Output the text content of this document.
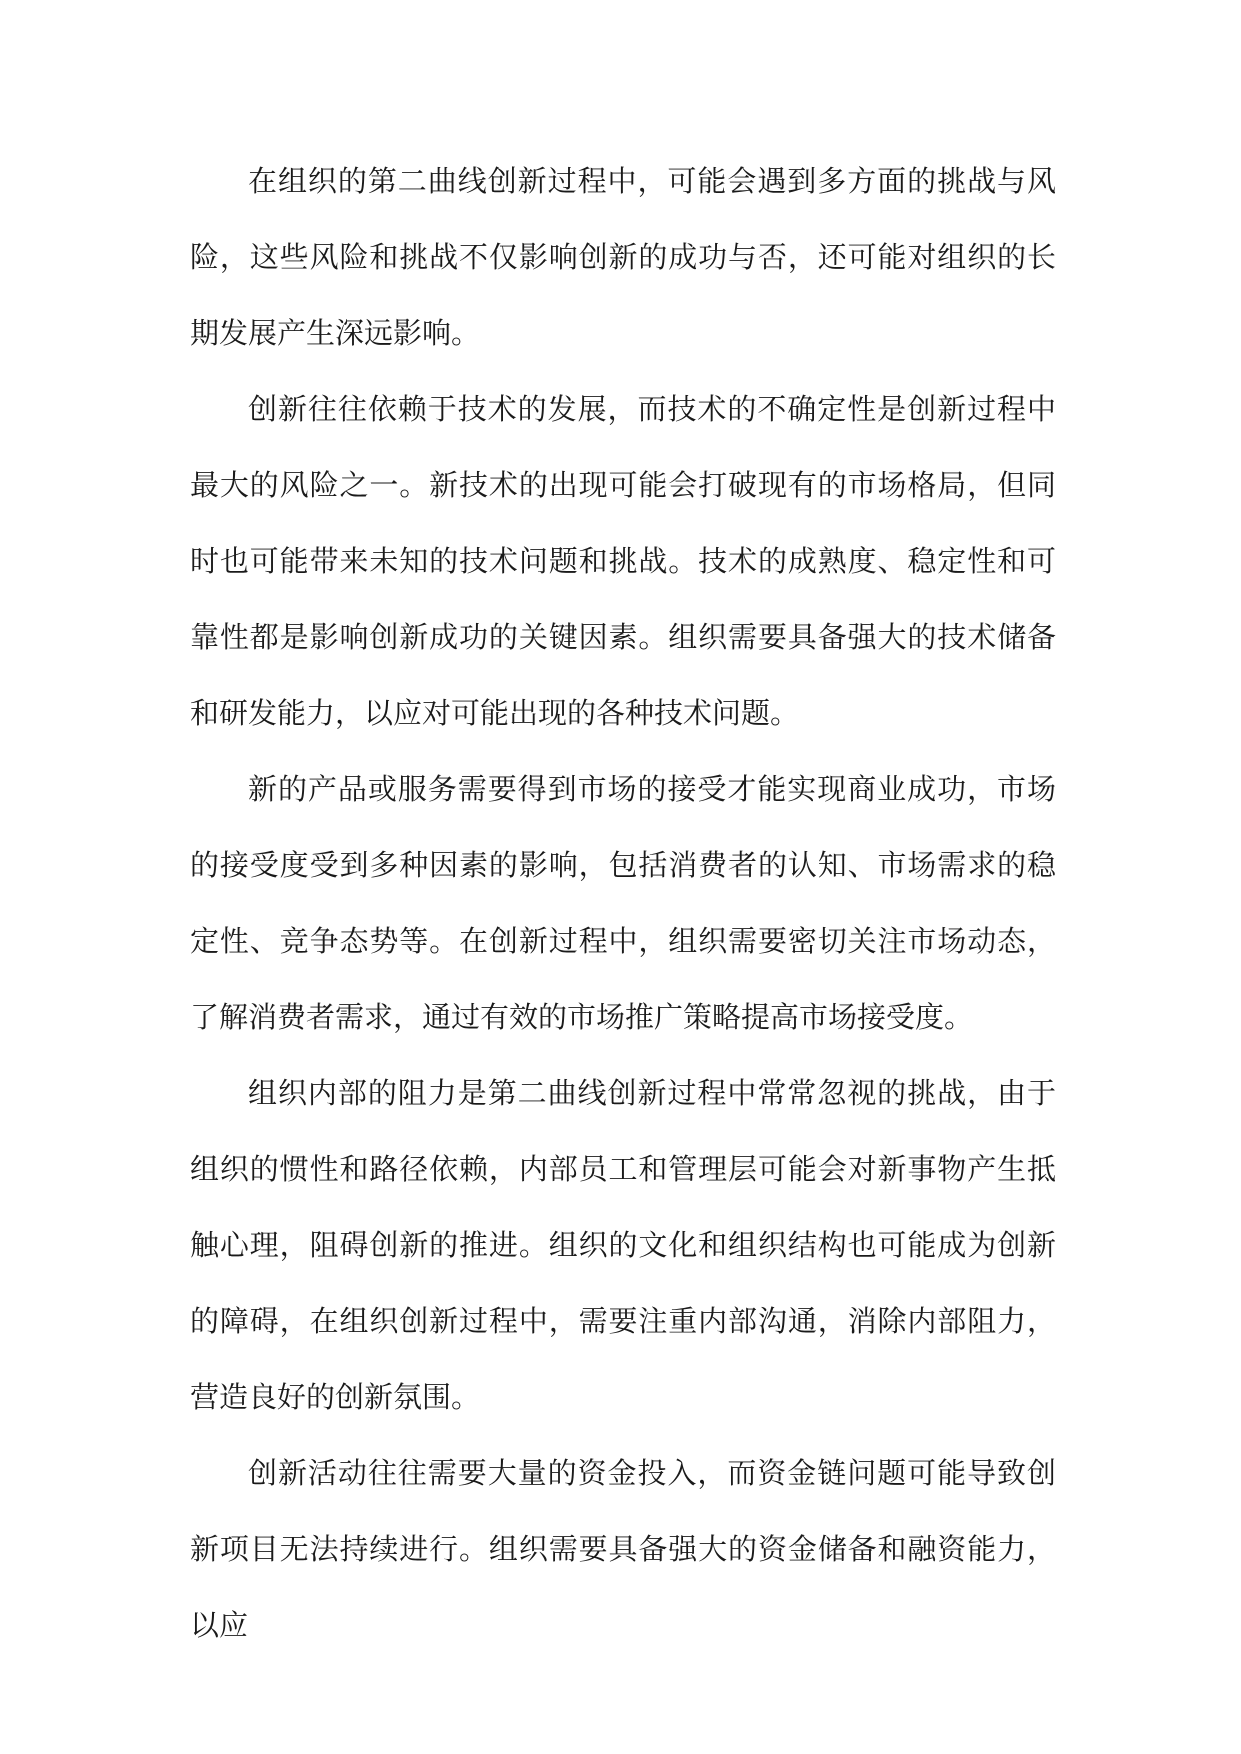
在组织的第二曲线创新过程中，可能会遇到多方面的挑战与风险，这些风险和挑战不仅影响创新的成功与否，还可能对组织的长期发展产生深远影响。

创新往往依赖于技术的发展，而技术的不确定性是创新过程中最大的风险之一。新技术的出现可能会打破现有的市场格局，但同时也可能带来未知的技术问题和挑战。技术的成熟度、稳定性和可靠性都是影响创新成功的关键因素。组织需要具备强大的技术储备和研发能力，以应对可能出现的各种技术问题。

新的产品或服务需要得到市场的接受才能实现商业成功，市场的接受度受到多种因素的影响，包括消费者的认知、市场需求的稳定性、竞争态势等。在创新过程中，组织需要密切关注市场动态，了解消费者需求，通过有效的市场推广策略提高市场接受度。

组织内部的阻力是第二曲线创新过程中常常忽视的挑战，由于组织的惯性和路径依赖，内部员工和管理层可能会对新事物产生抵触心理，阻碍创新的推进。组织的文化和组织结构也可能成为创新的障碍，在组织创新过程中，需要注重内部沟通，消除内部阻力，营造良好的创新氛围。

创新活动往往需要大量的资金投入，而资金链问题可能导致创新项目无法持续进行。组织需要具备强大的资金储备和融资能力，以应
